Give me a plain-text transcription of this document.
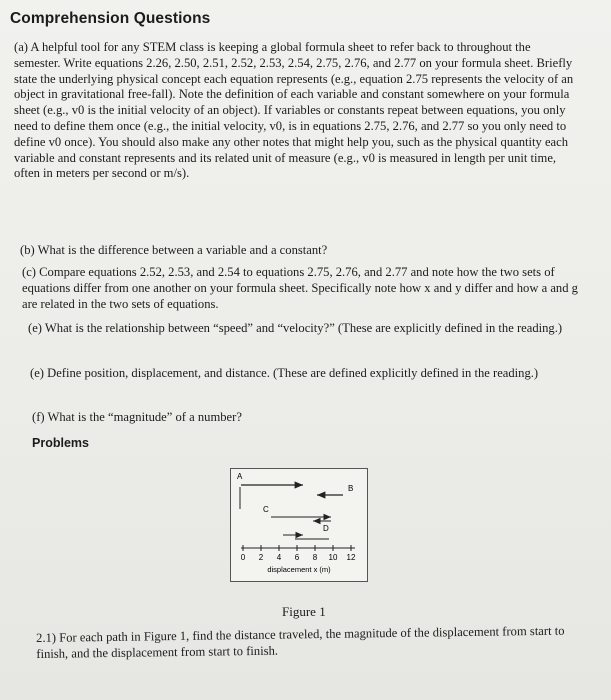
Comprehension Questions
(a) A helpful tool for any STEM class is keeping a global formula sheet to refer back to throughout the semester. Write equations 2.26, 2.50, 2.51, 2.52, 2.53, 2.54, 2.75, 2.76, and 2.77 on your formula sheet. Briefly state the underlying physical concept each equation represents (e.g., equation 2.75 represents the velocity of an object in gravitational free-fall). Note the definition of each variable and constant somewhere on your formula sheet (e.g., v0 is the initial velocity of an object). If variables or constants repeat between equations, you only need to define them once (e.g., the initial velocity, v0, is in equations 2.75, 2.76, and 2.77 so you only need to define v0 once). You should also make any other notes that might help you, such as the physical quantity each variable and constant represents and its related unit of measure (e.g., v0 is measured in length per unit time, often in meters per second or m/s).
(b) What is the difference between a variable and a constant?
(c) Compare equations 2.52, 2.53, and 2.54 to equations 2.75, 2.76, and 2.77 and note how the two sets of equations differ from one another on your formula sheet. Specifically note how x and y differ and how a and g are related in the two sets of equations.
(e) What is the relationship between “speed” and “velocity?” (These are explicitly defined in the reading.)
(e) Define position, displacement, and distance. (These are defined explicitly defined in the reading.)
(f) What is the “magnitude” of a number?
Problems
A
B
C
D
0 2 4 6 8 10 12
displacement x (m)
Figure 1
2.1) For each path in Figure 1, find the distance traveled, the magnitude of the displacement from start to finish, and the displacement from start to finish.
